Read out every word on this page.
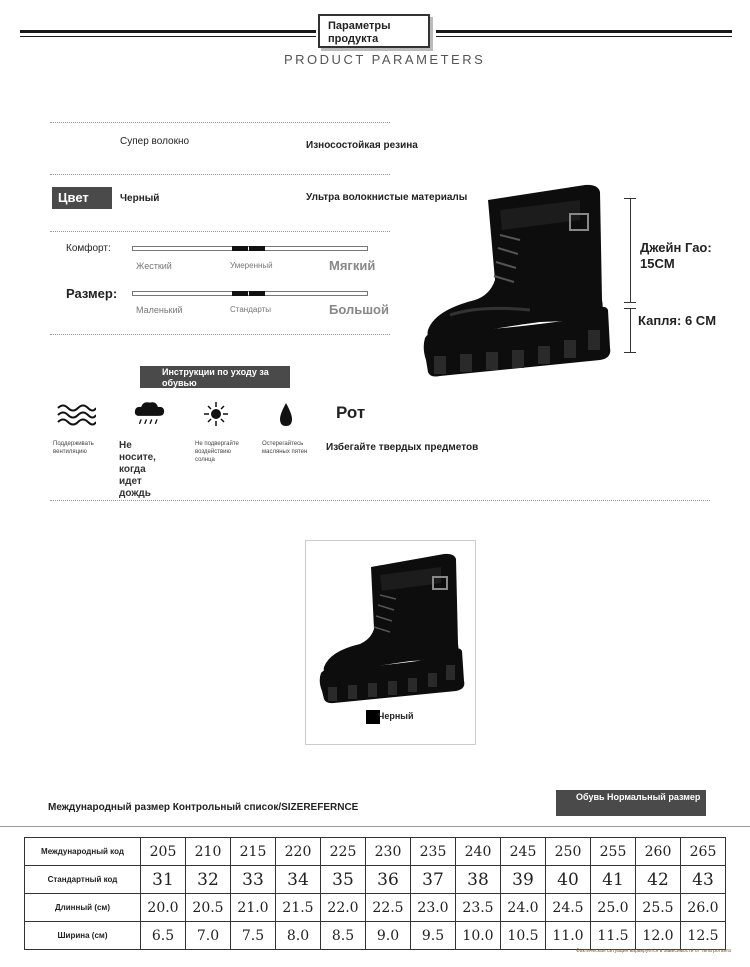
Параметры продукта
PRODUCT PARAMETERS
Супер волокно	Износостойкая резина
Цвет	Черный	Ультра волокнистые материалы
Комфорт:
Жесткий	Умеренный	Мягкий
Размер:
Маленький	Стандарты	Большой
Джейн Гао: 15CM
Капля: 6 CM
Инструкции по уходу за обувью
Рот
Поддерживать вентиляцию
Не носите, когда идет дождь
Не подвергайте воздействию солнца
Остерегайтесь масляных пятен	Избегайте твердых предметов
Черный
Международный размер Контрольный список/SIZEREFERNCE
Обувь Нормальный размер
Международный код	205	210	215	220	225	230	235	240	245	250	255	260	265
Стандартный код	31	32	33	34	35	36	37	38	39	40	41	42	43
Длинный (см)	20.0	20.5	21.0	21.5	22.0	22.5	23.0	23.5	24.0	24.5	25.0	25.5	26.0
Ширина (см)	6.5	7.0	7.5	8.0	8.5	9.0	9.5	10.0	10.5	11.0	11.5	12.0	12.5
Фактическая ситуация варьируется в зависимости от типа ротанга
